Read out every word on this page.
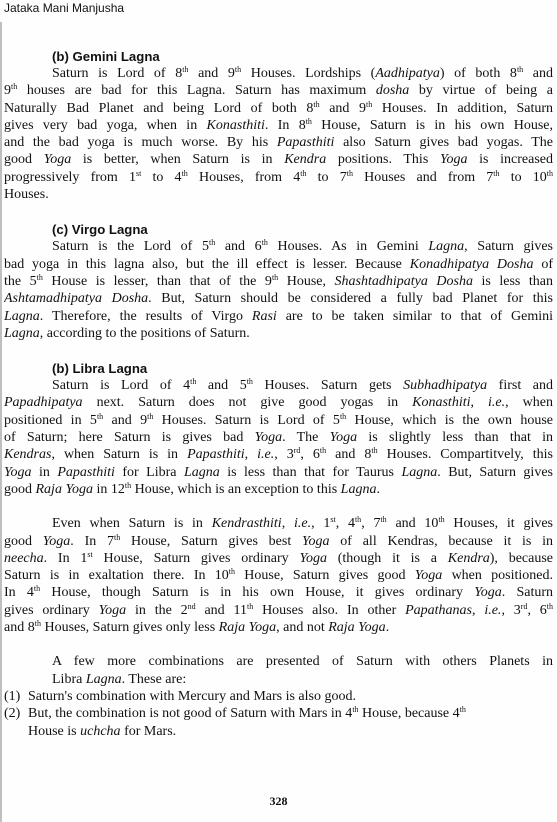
Jataka Mani Manjusha
(b) Gemini Lagna

Saturn is Lord of 8th and 9th Houses. Lordships (Aadhipatya) of both 8th and
9th houses are bad for this Lagna. Saturn has maximum dosha by virtue of being a
Naturally Bad Planet and being Lord of both 8th and 9th Houses. In addition, Saturn
gives very bad yoga, when in Konasthiti. In 8th House, Saturn is in his own House,
and the bad yoga is much worse. By his Papasthiti also Saturn gives bad yogas. The
good Yoga is better, when Saturn is in Kendra positions. This Yoga is increased
progressively from 1st to 4th Houses, from 4th to 7th Houses and from 7th to 10th
Houses.

(c) Virgo Lagna

Saturn is the Lord of 5th and 6th Houses. As in Gemini Lagna, Saturn gives
bad yoga in this lagna also, but the ill effect is lesser. Because Konadhipatya Dosha of
the 5th House is lesser, than that of the 9th House, Shashtadhipatya Dosha is less than
Ashtamadhipatya Dosha. But, Saturn should be considered a fully bad Planet for this
Lagna. Therefore, the results of Virgo Rasi are to be taken similar to that of Gemini
Lagna, according to the positions of Saturn.

(b) Libra Lagna

Saturn is Lord of 4th and 5th Houses. Saturn gets Subhadhipatya first and
Papadhipatya next. Saturn does not give good yogas in Konasthiti, i.e., when
positioned in 5th and 9th Houses. Saturn is Lord of 5th House, which is the own house
of Saturn; here Saturn is gives bad Yoga. The Yoga is slightly less than that in
Kendras, when Saturn is in Papasthiti, i.e., 3rd, 6th and 8th Houses. Compartitvely, this
Yoga in Papasthiti for Libra Lagna is less than that for Taurus Lagna. But, Saturn gives
good Raja Yoga in 12th House, which is an exception to this Lagna.

Even when Saturn is in Kendrasthiti, i.e., 1st, 4th, 7th and 10th Houses, it gives
good Yoga. In 7th House, Saturn gives best Yoga of all Kendras, because it is in
neecha. In 1st House, Saturn gives ordinary Yoga (though it is a Kendra), because
Saturn is in exaltation there. In 10th House, Saturn gives good Yoga when positioned.
In 4th House, though Saturn is in his own House, it gives ordinary Yoga. Saturn
gives ordinary Yoga in the 2nd and 11th Houses also. In other Papathanas, i.e., 3rd, 6th
and 8th Houses, Saturn gives only less Raja Yoga, and not Raja Yoga.

A few more combinations are presented of Saturn with others Planets in
Libra Lagna. These are:

(1) Saturn's combination with Mercury and Mars is also good.
(2) But, the combination is not good of Saturn with Mars in 4th House, because 4th
House is uchcha for Mars.
328
